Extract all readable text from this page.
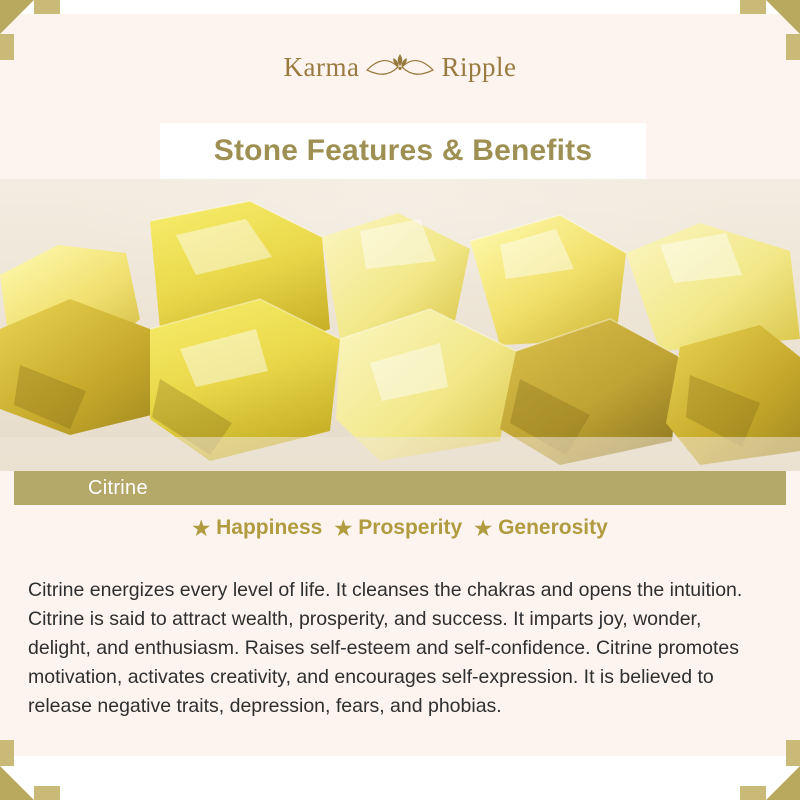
Karma	Ripple
Stone Features & Benefits
Citrine
★ Happiness ★ Prosperity ★ Generosity

Citrine energizes every level of life. It cleanses the chakras and opens the intuition. Citrine is said to attract wealth, prosperity, and success. It imparts joy, wonder, delight, and enthusiasm. Raises self-esteem and self-confidence. Citrine promotes motivation, activates creativity, and encourages self-expression. It is believed to release negative traits, depression, fears, and phobias.
